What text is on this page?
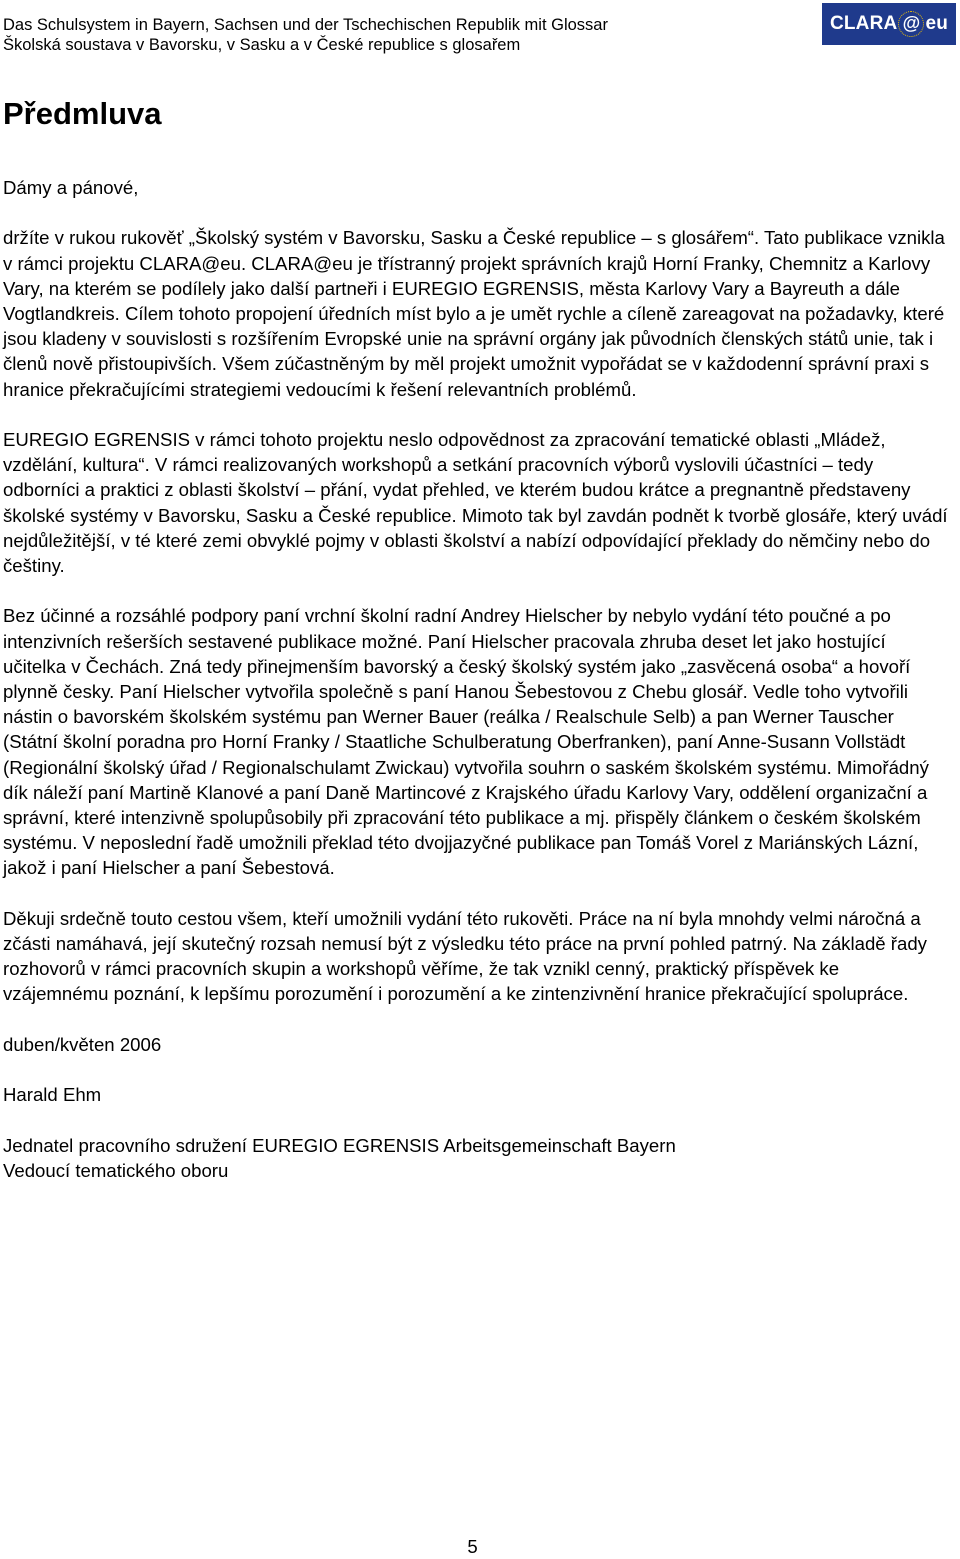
Das Schulsystem in Bayern, Sachsen und der Tschechischen Republik mit Glossar
Školská soustava v Bavorsku, v Sasku a v České republice s glosařem
CLARA @ eu
Předmluva

Dámy a pánové,

držíte v rukou rukověť „Školský systém v Bavorsku, Sasku a České republice – s glosářem“. Tato publikace vznikla v rámci projektu CLARA@eu. CLARA@eu je třístranný projekt správních krajů Horní Franky, Chemnitz a Karlovy Vary, na kterém se podílely jako další partneři i EUREGIO EGRENSIS, města Karlovy Vary a Bayreuth a dále Vogtlandkreis. Cílem tohoto propojení úředních míst bylo a je umět rychle a cíleně zareagovat na požadavky, které jsou kladeny v souvislosti s rozšířením Evropské unie na správní orgány jak původních členských států unie, tak i členů nově přistoupivších. Všem zúčastněným by měl projekt umožnit vypořádat se v každodenní správní praxi s hranice překračujícími strategiemi vedoucími k řešení relevantních problémů.

EUREGIO EGRENSIS v rámci tohoto projektu neslo odpovědnost za zpracování tematické oblasti „Mládež, vzdělání, kultura“. V rámci realizovaných workshopů a setkání pracovních výborů vyslovili účastníci – tedy odborníci a praktici z oblasti školství – přání, vydat přehled, ve kterém budou krátce a pregnantně představeny školské systémy v Bavorsku, Sasku a České republice. Mimoto tak byl zavdán podnět k tvorbě glosáře, který uvádí nejdůležitější, v té které zemi obvyklé pojmy v oblasti školství a nabízí odpovídající překlady do němčiny nebo do češtiny.

Bez účinné a rozsáhlé podpory paní vrchní školní radní Andrey Hielscher by nebylo vydání této poučné a po intenzivních rešerších sestavené publikace možné. Paní Hielscher pracovala zhruba deset let jako hostující učitelka v Čechách. Zná tedy přinejmenším bavorský a český školský systém jako „zasvěcená osoba“ a hovoří plynně česky. Paní Hielscher vytvořila společně s paní Hanou Šebestovou z Chebu glosář. Vedle toho vytvořili nástin o bavorském školském systému pan Werner Bauer (reálka / Realschule Selb) a pan Werner Tauscher (Státní školní poradna pro Horní Franky / Staatliche Schulberatung Oberfranken), paní Anne-Susann Vollstädt (Regionální školský úřad / Regionalschulamt Zwickau) vytvořila souhrn o saském školském systému. Mimořádný dík náleží paní Martině Klanové a paní Daně Martincové z Krajského úřadu Karlovy Vary, oddělení organizační a správní, které intenzivně spolupůsobily při zpracování této publikace a mj. přispěly článkem o českém školském systému. V neposlední řadě umožnili překlad této dvojjazyčné publikace pan Tomáš Vorel z Mariánských Lázní, jakož i paní Hielscher a paní Šebestová.

Děkuji srdečně touto cestou všem, kteří umožnili vydání této rukověti. Práce na ní byla mnohdy velmi náročná a zčásti namáhavá, její skutečný rozsah nemusí být z výsledku této práce na první pohled patrný. Na základě řady rozhovorů v rámci pracovních skupin a workshopů věříme, že tak vznikl cenný, praktický příspěvek ke vzájemnému poznání, k lepšímu porozumění i porozumění a ke zintenzivnění hranice překračující spolupráce.

duben/květen 2006

Harald Ehm

Jednatel pracovního sdružení EUREGIO EGRENSIS Arbeitsgemeinschaft Bayern
Vedoucí tematického oboru

5
